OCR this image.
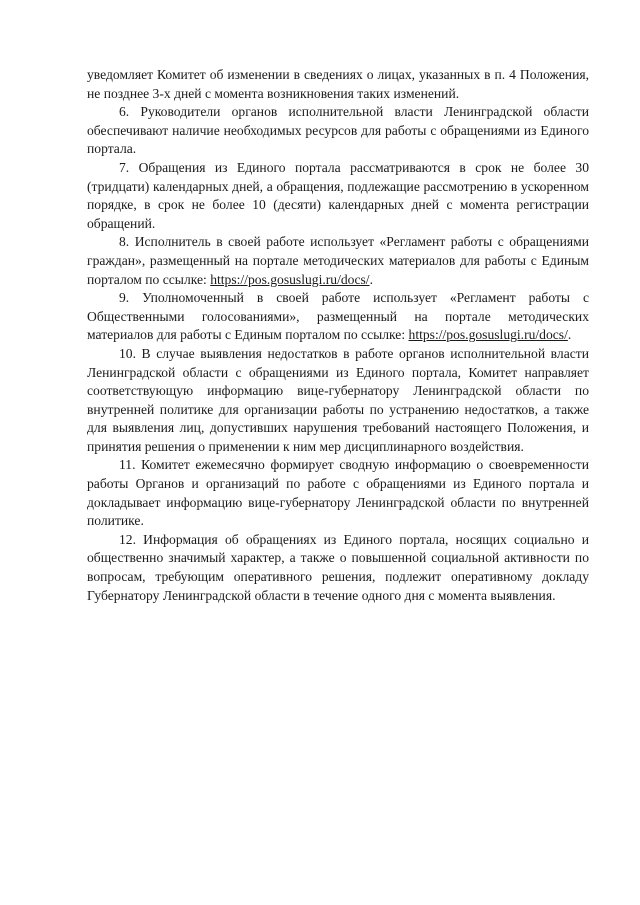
уведомляет Комитет об изменении в сведениях о лицах, указанных в п. 4 Положения, не позднее 3-х дней с момента возникновения таких изменений.

6. Руководители органов исполнительной власти Ленинградской области обеспечивают наличие необходимых ресурсов для работы с обращениями из Единого портала.

7. Обращения из Единого портала рассматриваются в срок не более 30 (тридцати) календарных дней, а обращения, подлежащие рассмотрению в ускоренном порядке, в срок не более 10 (десяти) календарных дней с момента регистрации обращений.

8. Исполнитель в своей работе использует «Регламент работы с обращениями граждан», размещенный на портале методических материалов для работы с Единым порталом по ссылке: https://pos.gosuslugi.ru/docs/.

9. Уполномоченный в своей работе использует «Регламент работы с Общественными голосованиями», размещенный на портале методических материалов для работы с Единым порталом по ссылке: https://pos.gosuslugi.ru/docs/.

10. В случае выявления недостатков в работе органов исполнительной власти Ленинградской области с обращениями из Единого портала, Комитет направляет соответствующую информацию вице-губернатору Ленинградской области по внутренней политике для организации работы по устранению недостатков, а также для выявления лиц, допустивших нарушения требований настоящего Положения, и принятия решения о применении к ним мер дисциплинарного воздействия.

11. Комитет ежемесячно формирует сводную информацию о своевременности работы Органов и организаций по работе с обращениями из Единого портала и докладывает информацию вице-губернатору Ленинградской области по внутренней политике.

12. Информация об обращениях из Единого портала, носящих социально и общественно значимый характер, а также о повышенной социальной активности по вопросам, требующим оперативного решения, подлежит оперативному докладу Губернатору Ленинградской области в течение одного дня с момента выявления.
